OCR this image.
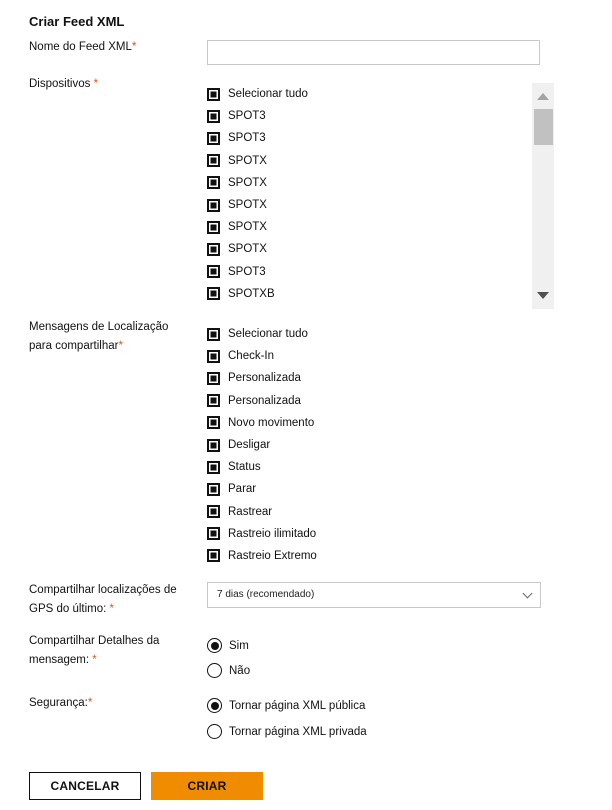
Criar Feed XML
Nome do Feed XML*
Dispositivos *
Selecionar tudo
SPOT3
SPOT3
SPOTX
SPOTX
SPOTX
SPOTX
SPOTX
SPOT3
SPOTXB
Mensagens de Localização para compartilhar*
Selecionar tudo
Check-In
Personalizada
Personalizada
Novo movimento
Desligar
Status
Parar
Rastrear
Rastreio ilimitado
Rastreio Extremo
Compartilhar localizações de GPS do último: *
7 dias (recomendado)
Compartilhar Detalhes da mensagem: *
Sim
Não
Segurança:*	Tornar página XML pública
Tornar página XML privada
CANCELAR	CRIAR
